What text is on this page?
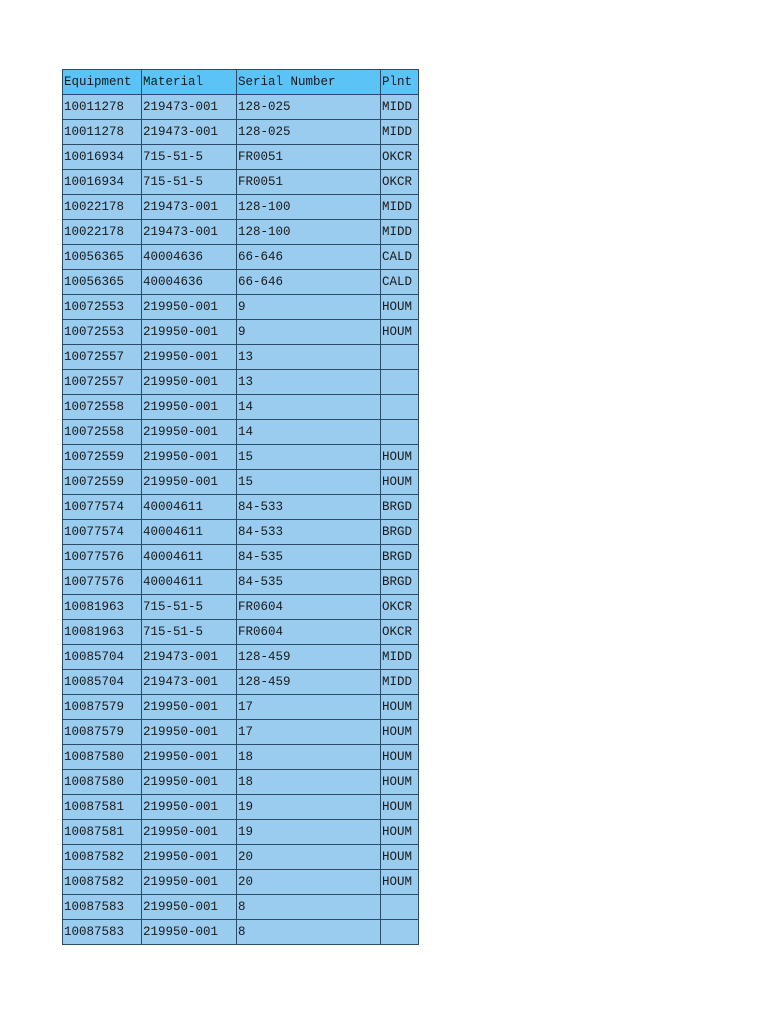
Equipment	Material	Serial Number	Plnt
10011278	219473-001	128-025	MIDD
10011278	219473-001	128-025	MIDD
10016934	715-51-5	FR0051	OKCR
10016934	715-51-5	FR0051	OKCR
10022178	219473-001	128-100	MIDD
10022178	219473-001	128-100	MIDD
10056365	40004636	66-646	CALD
10056365	40004636	66-646	CALD
10072553	219950-001	9	HOUM
10072553	219950-001	9	HOUM
10072557	219950-001	13	
10072557	219950-001	13	
10072558	219950-001	14	
10072558	219950-001	14	
10072559	219950-001	15	HOUM
10072559	219950-001	15	HOUM
10077574	40004611	84-533	BRGD
10077574	40004611	84-533	BRGD
10077576	40004611	84-535	BRGD
10077576	40004611	84-535	BRGD
10081963	715-51-5	FR0604	OKCR
10081963	715-51-5	FR0604	OKCR
10085704	219473-001	128-459	MIDD
10085704	219473-001	128-459	MIDD
10087579	219950-001	17	HOUM
10087579	219950-001	17	HOUM
10087580	219950-001	18	HOUM
10087580	219950-001	18	HOUM
10087581	219950-001	19	HOUM
10087581	219950-001	19	HOUM
10087582	219950-001	20	HOUM
10087582	219950-001	20	HOUM
10087583	219950-001	8	
10087583	219950-001	8	
